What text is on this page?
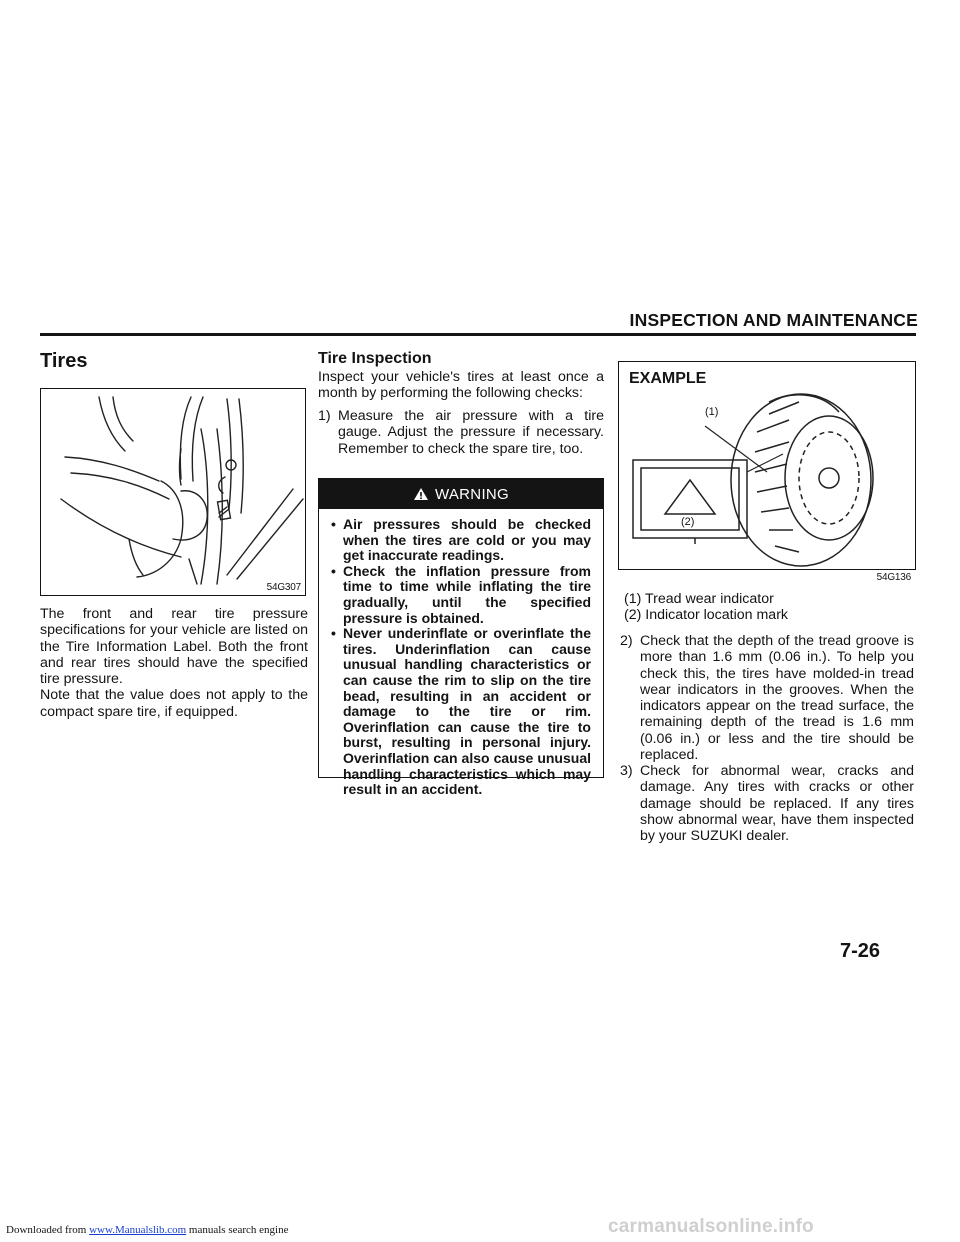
INSPECTION AND MAINTENANCE
Tires
54G307

The front and rear tire pressure specifications for your vehicle are listed on the Tire Information Label. Both the front and rear tires should have the specified tire pressure.

Note that the value does not apply to the compact spare tire, if equipped.

Tire Inspection
Inspect your vehicle's tires at least once a month by performing the following checks:
1) Measure the air pressure with a tire gauge. Adjust the pressure if necessary. Remember to check the spare tire, too.
WARNING
• Air pressures should be checked when the tires are cold or you may get inaccurate readings.
• Check the inflation pressure from time to time while inflating the tire gradually, until the specified pressure is obtained.
• Never underinflate or overinflate the tires. Underinflation can cause unusual handling characteristics or can cause the rim to slip on the tire bead, resulting in an accident or damage to the tire or rim. Overinflation can cause the tire to burst, resulting in personal injury. Overinflation can also cause unusual handling characteristics which may result in an accident.
EXAMPLE
(1)
(2)
54G136

(1) Tread wear indicator

(2) Indicator location mark

2) Check that the depth of the tread groove is more than 1.6 mm (0.06 in.). To help you check this, the tires have molded-in tread wear indicators in the grooves. When the indicators appear on the tread surface, the remaining depth of the tread is 1.6 mm (0.06 in.) or less and the tire should be replaced.
3) Check for abnormal wear, cracks and damage. Any tires with cracks or other damage should be replaced. If any tires show abnormal wear, have them inspected by your SUZUKI dealer.
7-26
Downloaded from www.Manualslib.com manuals search engine	carmanualsonline.info
